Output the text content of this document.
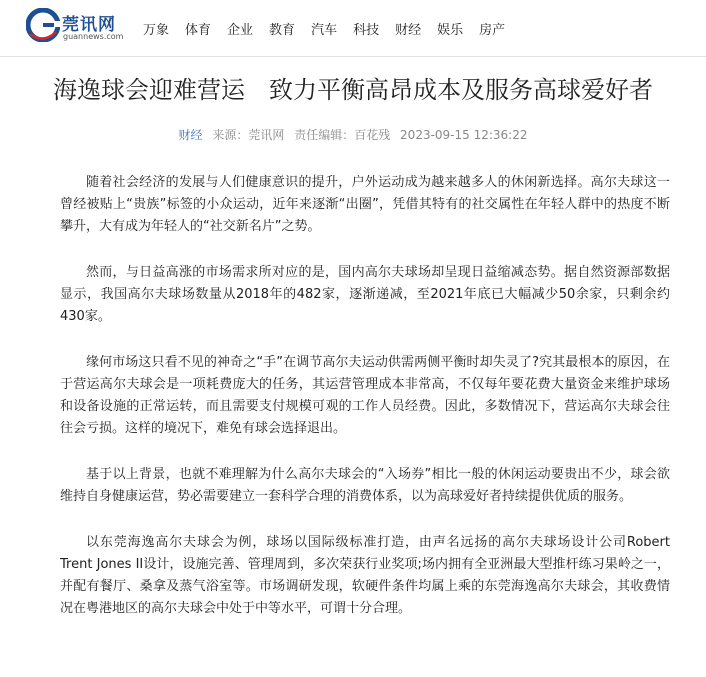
莞讯网
guannews.com 万象 体育 企业 教育 汽车 科技 财经 娱乐 房产
海逸球会迎难营运　致力平衡高昂成本及服务高球爱好者
财经 来源：莞讯网 责任编辑：百花残 2023-09-15 12:36:22

随着社会经济的发展与人们健康意识的提升，户外运动成为越来越多人的休闲新选择。高尔夫球这一曾经被贴上“贵族”标签的小众运动，近年来逐渐“出圈”，凭借其特有的社交属性在年轻人群中的热度不断攀升，大有成为年轻人的“社交新名片”之势。

然而，与日益高涨的市场需求所对应的是，国内高尔夫球场却呈现日益缩减态势。据自然资源部数据显示，我国高尔夫球场数量从2018年的482家，逐渐递减，至2021年底已大幅减少50余家，只剩余约430家。

缘何市场这只看不见的神奇之“手”在调节高尔夫运动供需两侧平衡时却失灵了?究其最根本的原因，在于营运高尔夫球会是一项耗费庞大的任务，其运营管理成本非常高，不仅每年要花费大量资金来维护球场和设备设施的正常运转，而且需要支付规模可观的工作人员经费。因此，多数情况下，营运高尔夫球会往往会亏损。这样的境况下，难免有球会选择退出。

基于以上背景，也就不难理解为什么高尔夫球会的“入场券”相比一般的休闲运动要贵出不少，球会欲维持自身健康运营，势必需要建立一套科学合理的消费体系，以为高球爱好者持续提供优质的服务。

以东莞海逸高尔夫球会为例，球场以国际级标准打造，由声名远扬的高尔夫球场设计公司Robert Trent Jones II设计，设施完善、管理周到，多次荣获行业奖项;场内拥有全亚洲最大型推杆练习果岭之一，并配有餐厅、桑拿及蒸气浴室等。市场调研发现，软硬件条件均属上乘的东莞海逸高尔夫球会，其收费情况在粤港地区的高尔夫球会中处于中等水平，可谓十分合理。
